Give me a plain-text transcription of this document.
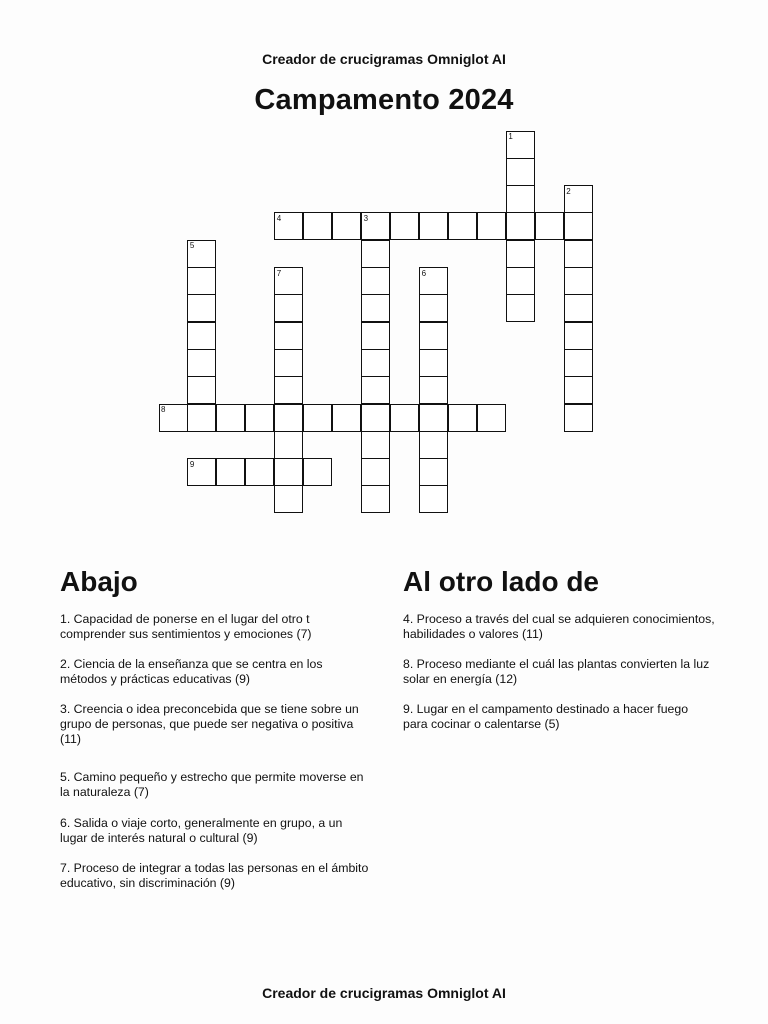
Creador de crucigramas Omniglot AI
Campamento 2024
1
2
3
4
5
6
7
8
9
Abajo	Al otro lado de
1. Capacidad de ponerse en el lugar del otro t comprender sus sentimientos y emociones (7)
2. Ciencia de la enseñanza que se centra en los métodos y prácticas educativas (9)
3. Creencia o idea preconcebida que se tiene sobre un grupo de personas, que puede ser negativa o positiva (11)
5. Camino pequeño y estrecho que permite moverse en la naturaleza (7)
6. Salida o viaje corto, generalmente en grupo, a un lugar de interés natural o cultural (9)
7. Proceso de integrar a todas las personas en el ámbito educativo, sin discriminación (9)
4. Proceso a través del cual se adquieren conocimientos, habilidades o valores (11)
8. Proceso mediante el cuál las plantas convierten la luz solar en energía (12)
9. Lugar en el campamento destinado a hacer fuego para cocinar o calentarse (5)
Creador de crucigramas Omniglot AI
